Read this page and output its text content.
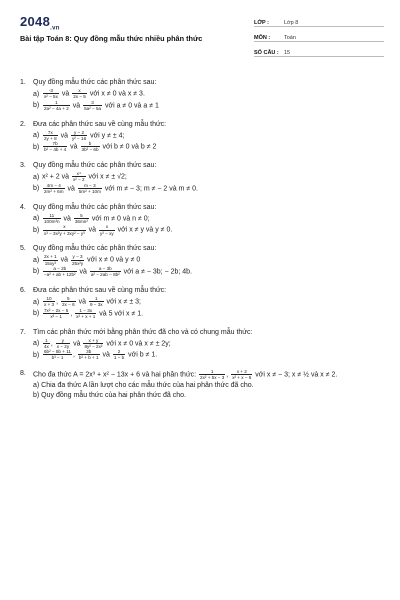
$2048_{.vn}$
Bài tập Toán 8: Quy đồng mẫu thức nhiều phân thức
LỚP :	Lớp 8
MÔN :	Toán
SỐ CÂU : 15
1.	Quy đồng mẫu thức các phân thức sau:
$a) \frac{-3}{\text{x² − 5x}}$ và $\frac{x}{2x - 5}$ với x ≠ 0 và x ≠ 3.
$b) \frac{1}{\text{2a² − 4a + 2}}$ và $\frac{3}{\text{5a² − 5a}}$ với a ≠ 0 và a ≠ 1
2.	Đưa các phân thức sau về cùng mẫu thức:
$a) \frac{7x}{2y + 8}$ và $\frac{y - 2}{\text{y² − 16}}$ với y ≠ ± 4;
$b) \frac{7b}{\text{b² − 4b + 4}}$ và $\frac{b}{\text{3b² − 6b}}$ với b ≠ 0 và b ≠ 2
3.	Quy đồng mẫu thức các phân thức sau:
a) x² + 2 và $\frac{\text{x⁴}}{\text{x² − 2}}$ với x ≠ ± √2;
$b) \frac{4m - 4}{\text{2m² + 6m}}$ và $\frac{m - 3}{\text{5m² + 10m}}$ với m ≠ − 3; m ≠ − 2 và m ≠ 0.
4.	Quy đồng mẫu thức các phân thức sau:
$a) \frac{11}{\text{100m³n}}$ và $\frac{5}{\text{36mn²}}$ với m ≠ 0 và n ≠ 0;
$b) \frac{x}{\text{x³ − 3x²y + 3xy² − y³}}$ và $\frac{x}{\text{y² − xy}}$ với x ≠ y và y ≠ 0.
5.	Quy đồng mẫu thức các phân thức sau:
$a) \frac{2x + 1}{\text{15xy³}}$ và $\frac{y - 3}{\text{25x²y}}$ với x ≠ 0 và y ≠ 0
$b) \frac{a - 2b}{\text{−a² + ab + 12b²}}$ và $\frac{a - 3b}{\text{a² − 2ab − 8b²}}$ với a ≠ − 3b; − 2b; 4b.
6.	Đưa các phân thức sau về cùng mẫu thức:
$a) \frac{10}{x + 3}$ , $\frac{5}{2x - 6}$ và $\frac{1}{9 - 3x}$ với x ≠ ± 3;
$b) \frac{\text{7x² − 2x − 5}}{\text{x³ − 1}}$ , $\frac{1 - 3x}{\text{x² + x + 1}}$ và 5 với x ≠ 1.
7.	Tìm các phân thức mới bằng phân thức đã cho và có chung mẫu thức:
$a) \frac{1}{4x}$ , $\frac{y}{x - 2y}$ và $\frac{x + y}{\text{8y² − 2x²}}$ với x ≠ 0 và x ≠ ± 2y;
$b) \frac{\text{6b² − 5b + 11}}{\text{b³ − 1}}$ , $\frac{3b}{\text{b² + b + 1}}$ và $\frac{2}{1 - b}$ với b ≠ 1.
8.	Cho đa thức A = 2x³ + x² − 13x + 6 và hai phân thức: $\frac{1}{\text{2x² + 5x − 3}}$ , $\frac{x + 2}{\text{x² + x − 6}}$ với x ≠ − 3; x ≠ ½ và x ≠ 2.
a) Chia đa thức A lần lượt cho các mẫu thức của hai phân thức đã cho.
b) Quy đồng mẫu thức của hai phân thức đã cho.
